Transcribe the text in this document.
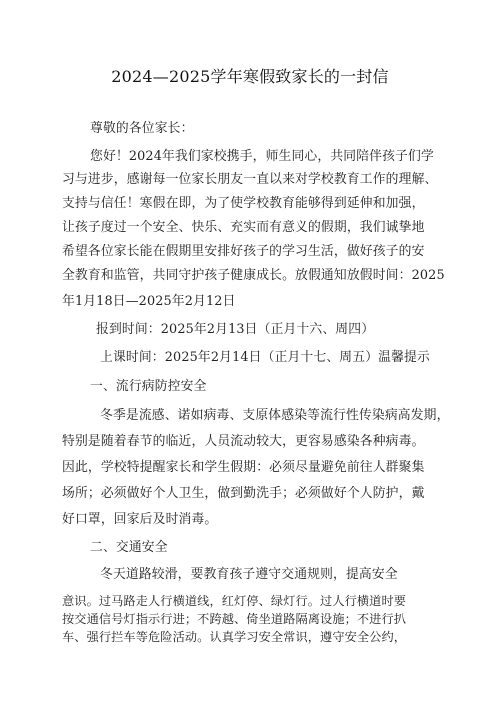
2024—2025学年寒假致家长的一封信
尊敬的各位家长：
您好！2024年我们家校携手，师生同心，共同陪伴孩子们学
习与进步，感谢每一位家长朋友一直以来对学校教育工作的理解、
支持与信任！寒假在即，为了使学校教育能够得到延伸和加强，
让孩子度过一个安全、快乐、充实而有意义的假期，我们诚挚地
希望各位家长能在假期里安排好孩子的学习生活，做好孩子的安
全教育和监管，共同守护孩子健康成长。放假通知放假时间：2025
年1月18日—2025年2月12日
报到时间：2025年2月13日（正月十六、周四）
上课时间：2025年2月14日（正月十七、周五）温馨提示
一、流行病防控安全
冬季是流感、诺如病毒、支原体感染等流行性传染病高发期，
特别是随着春节的临近，人员流动较大，更容易感染各种病毒。
因此，学校特提醒家长和学生假期：必须尽量避免前往人群聚集
场所；必须做好个人卫生，做到勤洗手；必须做好个人防护，戴
好口罩，回家后及时消毒。
二、交通安全
冬天道路较滑，要教育孩子遵守交通规则，提高安全
意识。过马路走人行横道线，红灯停、绿灯行。过人行横道时要
按交通信号灯指示行进；不跨越、倚坐道路隔离设施；不进行扒
车、强行拦车等危险活动。认真学习安全常识，遵守安全公约，
